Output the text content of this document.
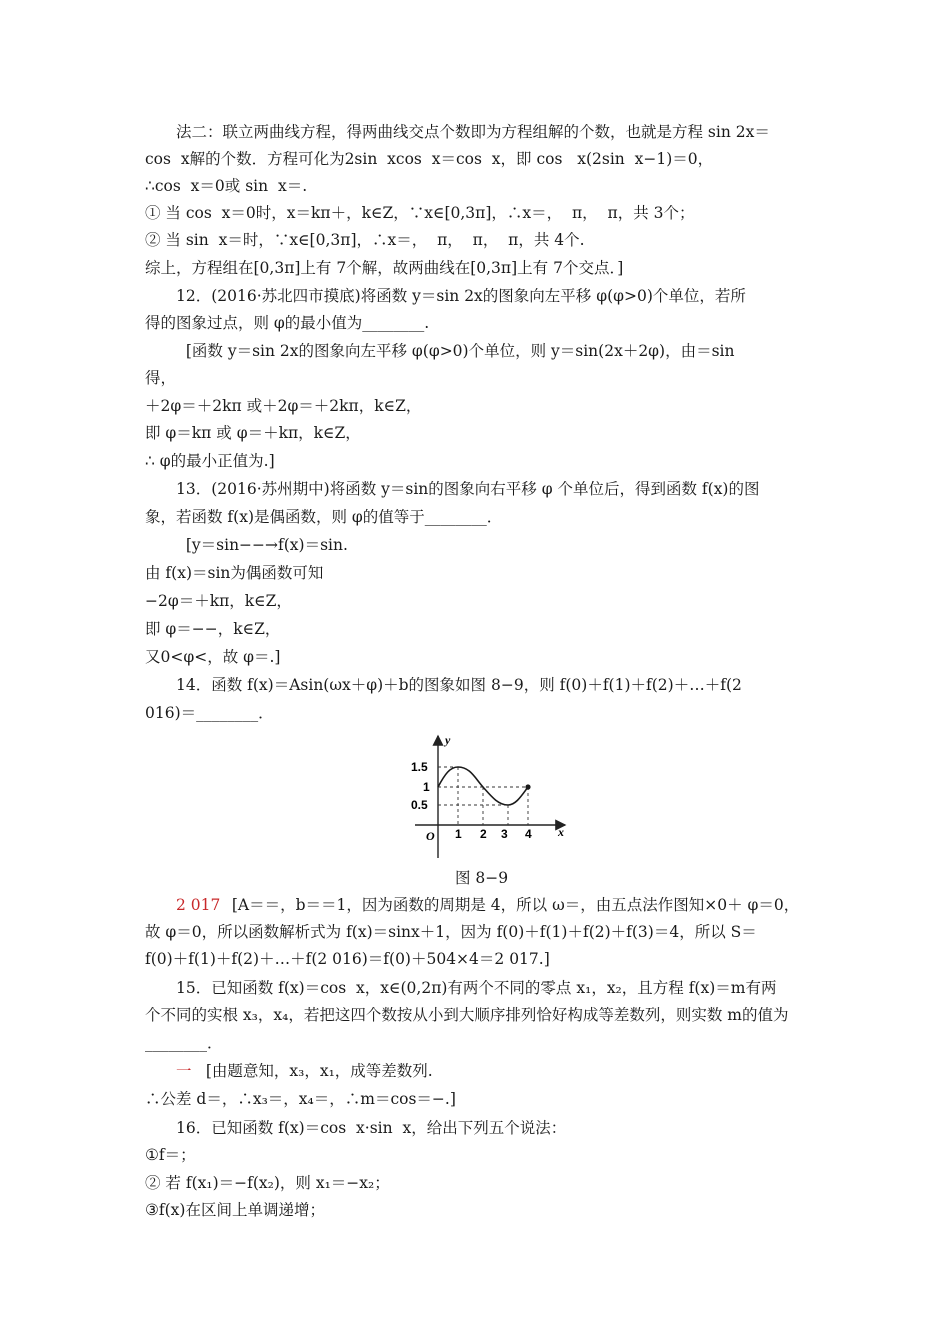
法二：联立两曲线方程，得两曲线交点个数即为方程组解的个数，也就是方程 sin 2x＝
cos  x解的个数．方程可化为2sin  xcos  x＝cos  x，即 cos   x(2sin  x−1)＝0，
∴cos  x＝0或 sin  x＝.
① 当 cos  x＝0时，x＝kπ＋，k∈Z，∵x∈[0,3π]，∴x＝，  π，  π，共 3个；
② 当 sin  x＝时，∵x∈[0,3π]，∴x＝，  π，  π，  π，共 4个.
综上，方程组在[0,3π]上有 7个解，故两曲线在[0,3π]上有 7个交点．]
12．(2016·苏北四市摸底)将函数 y＝sin 2x的图象向左平移 φ(φ>0)个单位，若所
得的图象过点，则 φ的最小值为________.
[函数 y＝sin 2x的图象向左平移 φ(φ>0)个单位，则 y＝sin(2x＋2φ)，由＝sin
得，
＋2φ＝＋2kπ 或＋2φ＝＋2kπ，k∈Z，
即 φ＝kπ 或 φ＝＋kπ，k∈Z，
∴ φ的最小正值为.]
13．(2016·苏州期中)将函数 y＝sin的图象向右平移 φ 个单位后，得到函数 f(x)的图
象，若函数 f(x)是偶函数，则 φ的值等于________．
[y＝sin−−→f(x)＝sin.
由 f(x)＝sin为偶函数可知
−2φ＝＋kπ，k∈Z，
即 φ＝−−，k∈Z，
又0<φ<，故 φ＝.]
14．函数 f(x)＝Asin(ωx＋φ)＋b的图象如图 8−9，则 f(0)＋f(1)＋f(2)＋…＋f(2
016)＝________．
y
x
O
1.5
1
0.5
1 2 3 4
图 8−9
2 017 [A＝＝，b＝＝1，因为函数的周期是 4，所以 ω＝，由五点法作图知×0＋ φ＝0，
故 φ＝0，所以函数解析式为 f(x)＝sinx＋1，因为 f(0)＋f(1)＋f(2)＋f(3)＝4，所以 S＝
f(0)＋f(1)＋f(2)＋…＋f(2 016)＝f(0)＋504×4＝2 017.]
15．已知函数 f(x)＝cos  x，x∈(0,2π)有两个不同的零点 x₁，x₂，且方程 f(x)＝m有两
个不同的实根 x₃，x₄，若把这四个数按从小到大顺序排列恰好构成等差数列，则实数 m的值为
________．
一 [由题意知，x₃，x₁，成等差数列.
∴公差 d＝，∴x₃＝，x₄＝，∴m＝cos＝−.]
16．已知函数 f(x)＝cos  x·sin  x，给出下列五个说法：
①f＝；
② 若 f(x₁)＝−f(x₂)，则 x₁＝−x₂；
③f(x)在区间上单调递增；
